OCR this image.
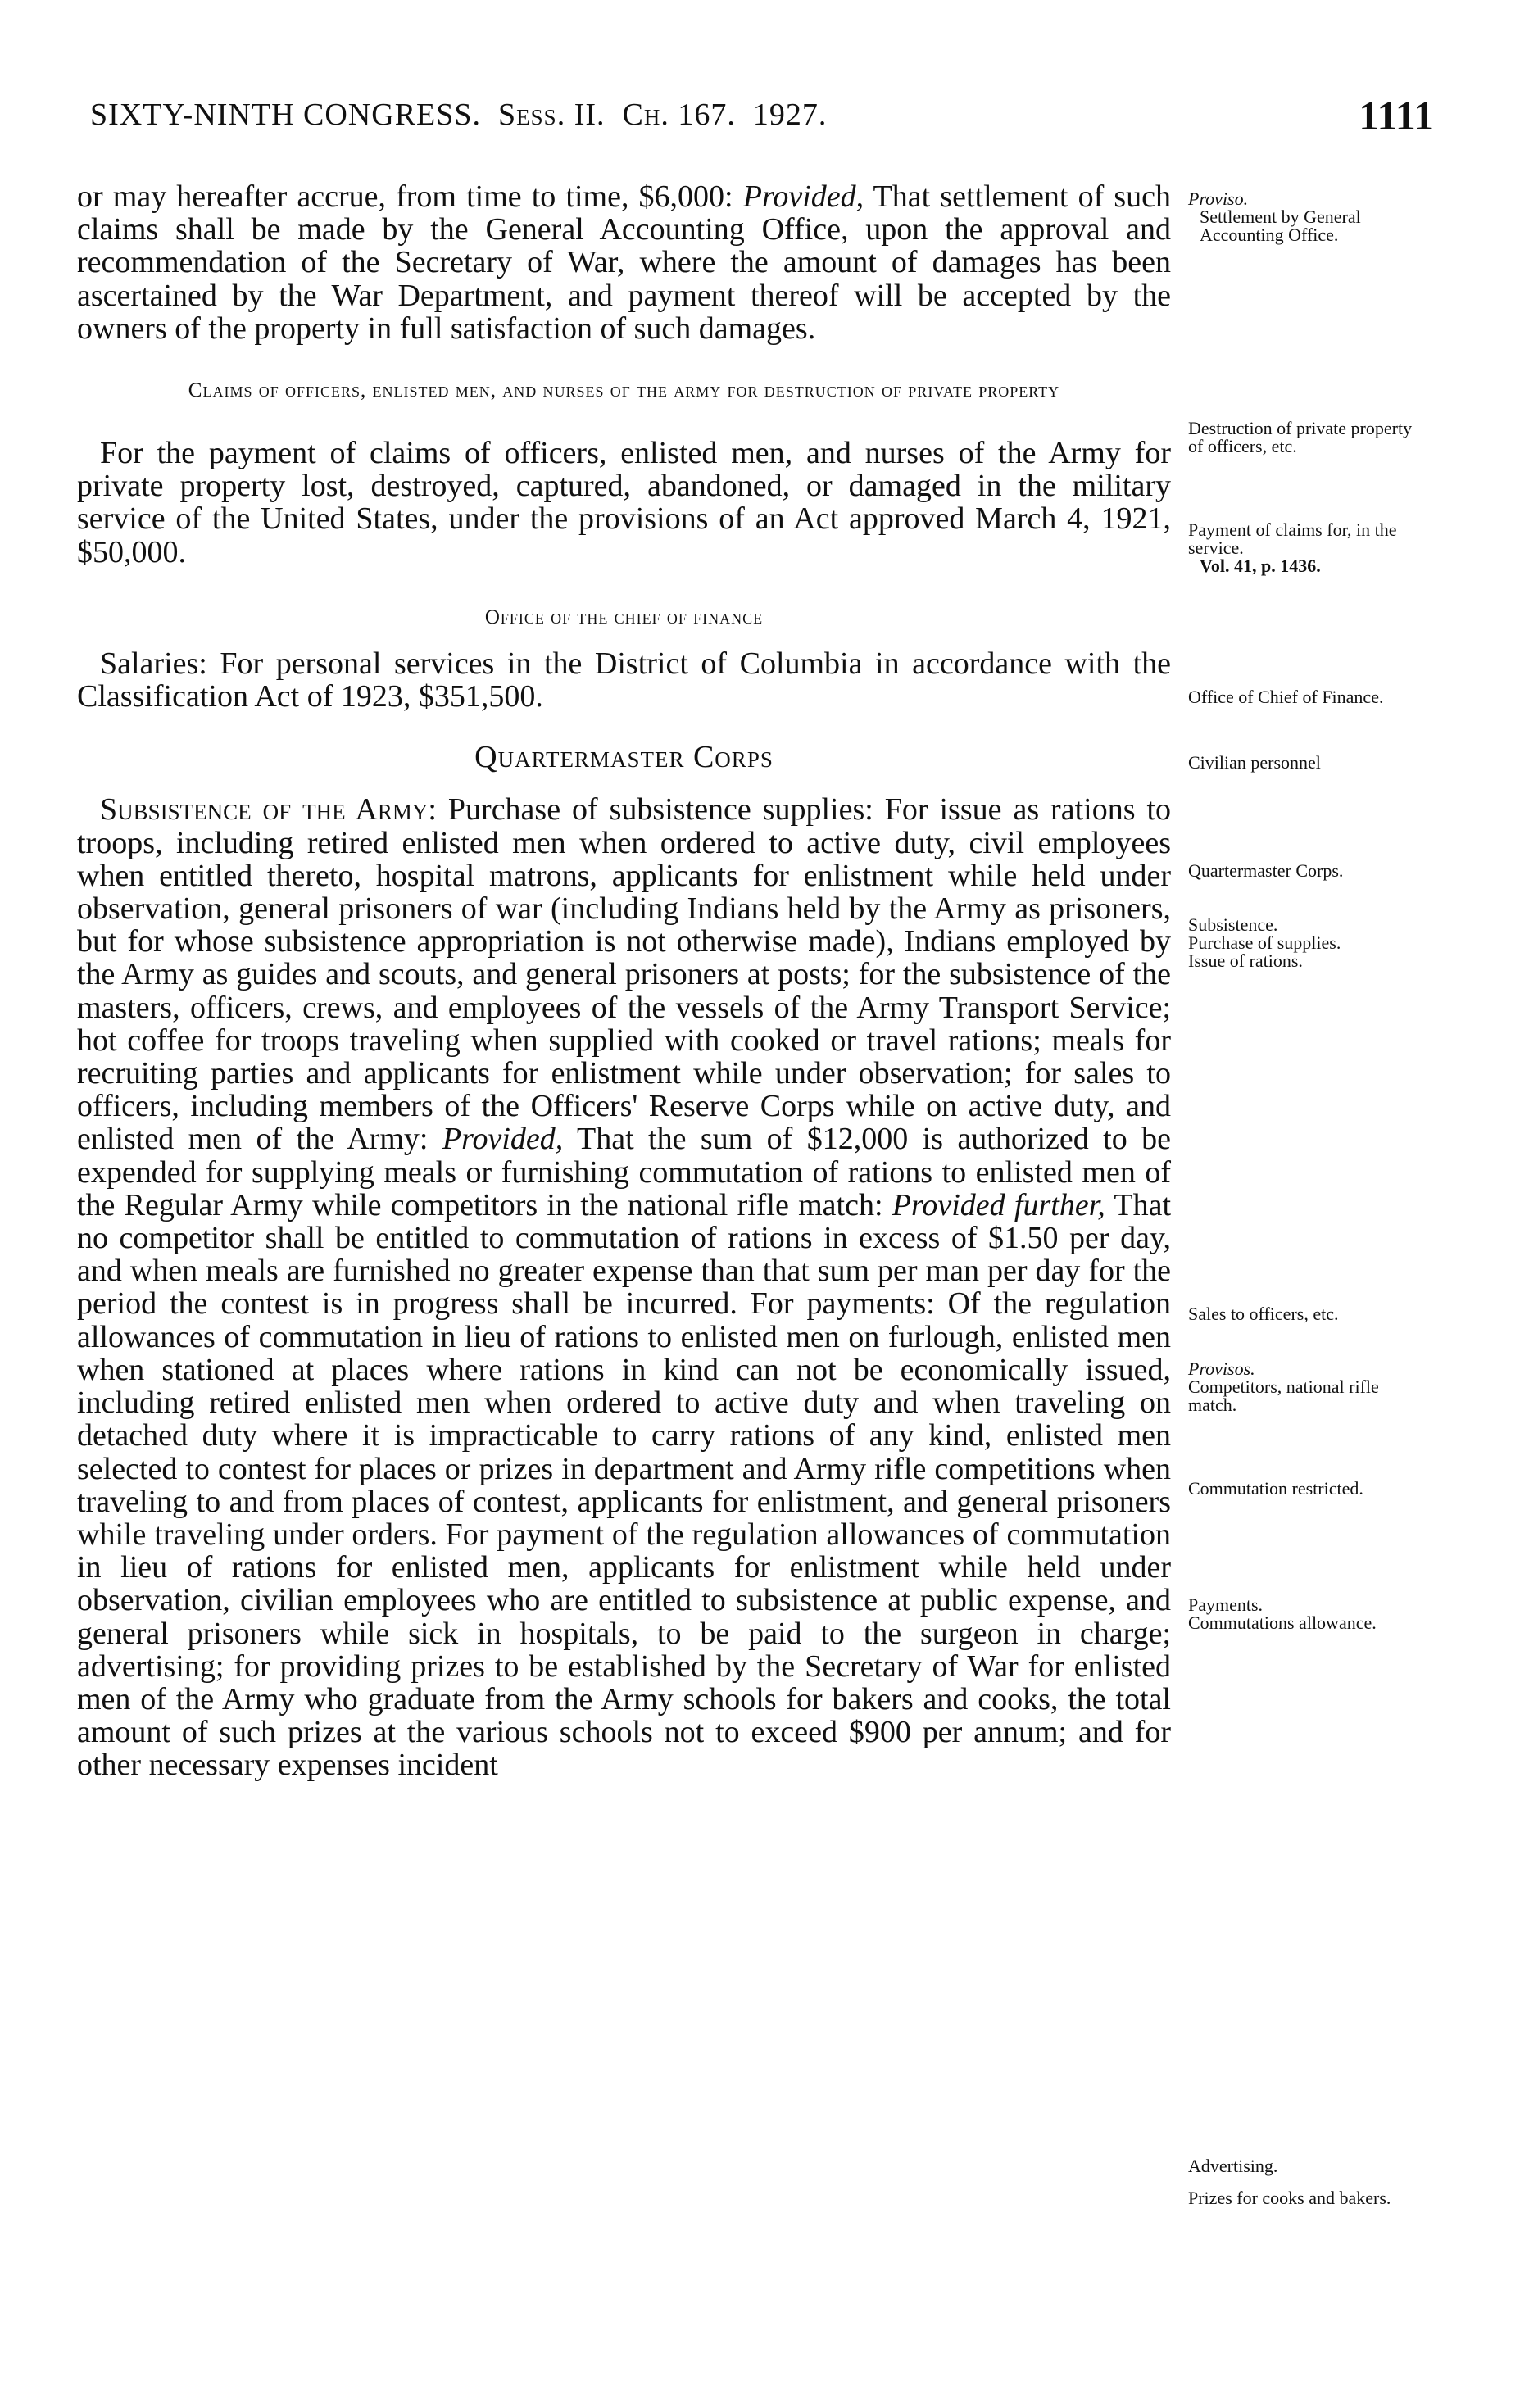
SIXTY-NINTH CONGRESS. Sess. II. Ch. 167. 1927.	1111

or may hereafter accrue, from time to time, $6,000: Provided, That settlement of such claims shall be made by the General Accounting Office, upon the approval and recommendation of the Secretary of War, where the amount of damages has been ascertained by the War Department, and payment thereof will be accepted by the owners of the property in full satisfaction of such damages.

Claims of officers, enlisted men, and nurses of the army for destruction of private property

For the payment of claims of officers, enlisted men, and nurses of the Army for private property lost, destroyed, captured, abandoned, or damaged in the military service of the United States, under the provisions of an Act approved March 4, 1921, $50,000.

Office of the chief of finance

Salaries: For personal services in the District of Columbia in accordance with the Classification Act of 1923, $351,500.

Quartermaster Corps

Subsistence of the Army: Purchase of subsistence supplies: For issue as rations to troops, including retired enlisted men when ordered to active duty, civil employees when entitled thereto, hospital matrons, applicants for enlistment while held under observation, general prisoners of war (including Indians held by the Army as prisoners, but for whose subsistence appropriation is not otherwise made), Indians employed by the Army as guides and scouts, and general prisoners at posts; for the subsistence of the masters, officers, crews, and employees of the vessels of the Army Transport Service; hot coffee for troops traveling when supplied with cooked or travel rations; meals for recruiting parties and applicants for enlistment while under observation; for sales to officers, including members of the Officers' Reserve Corps while on active duty, and enlisted men of the Army: Provided, That the sum of $12,000 is authorized to be expended for supplying meals or furnishing commutation of rations to enlisted men of the Regular Army while competitors in the national rifle match: Provided further, That no competitor shall be entitled to commutation of rations in excess of $1.50 per day, and when meals are furnished no greater expense than that sum per man per day for the period the contest is in progress shall be incurred. For payments: Of the regulation allowances of commutation in lieu of rations to enlisted men on furlough, enlisted men when stationed at places where rations in kind can not be economically issued, including retired enlisted men when ordered to active duty and when traveling on detached duty where it is impracticable to carry rations of any kind, enlisted men selected to contest for places or prizes in department and Army rifle competitions when traveling to and from places of contest, applicants for enlistment, and general prisoners while traveling under orders. For payment of the regulation allowances of commutation in lieu of rations for enlisted men, applicants for enlistment while held under observation, civilian employees who are entitled to subsistence at public expense, and general prisoners while sick in hospitals, to be paid to the surgeon in charge; advertising; for providing prizes to be established by the Secretary of War for enlisted men of the Army who graduate from the Army schools for bakers and cooks, the total amount of such prizes at the various schools not to exceed $900 per annum; and for other necessary expenses incident

Proviso.
Settlement by General Accounting Office.
Destruction of private property of officers, etc.
Payment of claims for, in the service.
Vol. 41, p. 1436.
Office of Chief of Finance.
Civilian personnel
Quartermaster Corps.
Subsistence.
Purchase of supplies.
Issue of rations.
Sales to officers, etc.
Provisos.
Competitors, national rifle match.
Commutation restricted.
Payments.
Commutations allowance.
Advertising.
Prizes for cooks and bakers.
